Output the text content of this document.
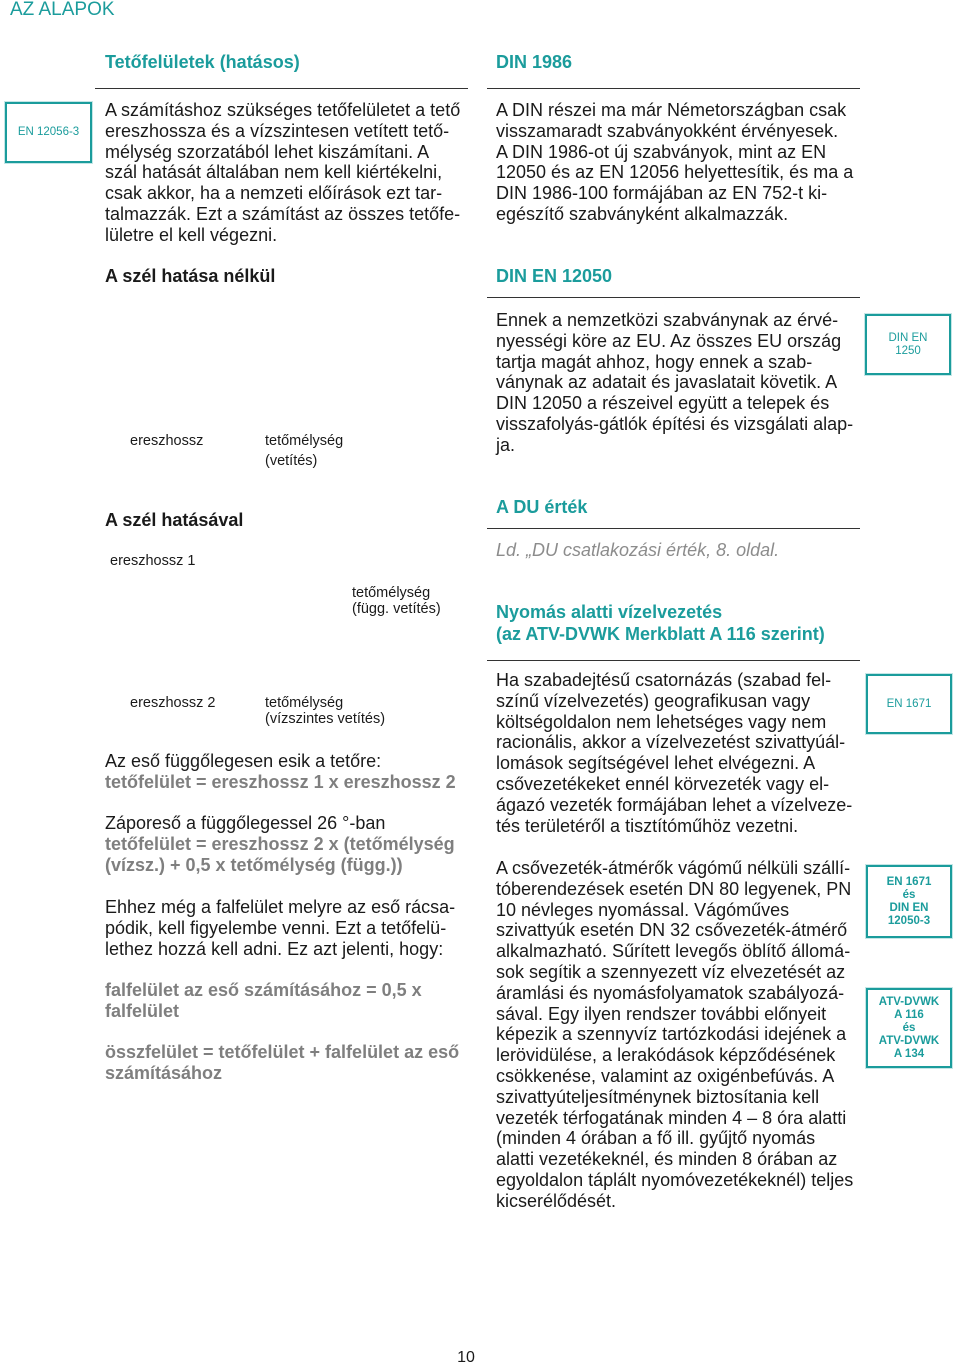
AZ ALAPOK
Tetőfelületek (hatásos)
EN 12056-3
A számításhoz szükséges tetőfelületet a tető
ereszhossza és a vízszintesen vetített tető-
mélység szorzatából lehet kiszámítani. A
szál hatását általában nem kell kiértékelni,
csak akkor, ha a nemzeti előírások ezt tar-
talmazzák. Ezt a számítást az összes tetőfe-
lületre el kell végezni.
A szél hatása nélkül
ereszhossz	tetőmélység
(vetítés)
A szél hatásával
ereszhossz 1
tetőmélység
(függ. vetítés)
ereszhossz 2	tetőmélység
(vízszintes vetítés)
Az eső függőlegesen esik a tetőre:
tetőfelület = ereszhossz 1 x ereszhossz 2
Záporeső a függőlegessel 26 °-ban
tetőfelület = ereszhossz 2 x (tetőmélység
(vízsz.) + 0,5 x tetőmélység (függ.))
Ehhez még a falfelület melyre az eső rácsa-
pódik, kell figyelembe venni. Ezt a tetőfelü-
lethez hozzá kell adni. Ez azt jelenti, hogy:
falfelület az eső számításához = 0,5 x
falfelület
összfelület = tetőfelület + falfelület az eső
számításához
DIN 1986
A DIN részei ma már Németországban csak
visszamaradt szabványokként érvényesek.
A DIN 1986-ot új szabványok, mint az EN
12050 és az EN 12056 helyettesítik, és ma a
DIN 1986-100 formájában az EN 752-t ki-
egészítő szabványként alkalmazzák.
DIN EN 12050
Ennek a nemzetközi szabványnak az érvé-
nyességi köre az EU. Az összes EU ország
tartja magát ahhoz, hogy ennek a szab-
ványnak az adatait és javaslatait követik. A
DIN 12050 a részeivel együtt a telepek és
visszafolyás-gátlók építési és vizsgálati alap-
ja.
DIN EN
1250
A DU érték
Ld. „DU csatlakozási érték, 8. oldal.
Nyomás alatti vízelvezetés
(az ATV-DVWK Merkblatt A 116 szerint)
Ha szabadejtésű csatornázás (szabad fel-
színű vízelvezetés) geografikusan vagy
költségoldalon nem lehetséges vagy nem
racionális, akkor a vízelvezetést szivattyúál-
lomások segítségével lehet elvégezni. A
csővezetékeket ennél körvezeték vagy el-
ágazó vezeték formájában lehet a vízelveze-
tés területéről a tisztítóműhöz vezetni.
EN 1671
A csővezeték-átmérők vágómű nélküli szállí-
tóberendezések esetén DN 80 legyenek, PN
10 névleges nyomással. Vágóműves
szivattyúk esetén DN 32 csővezeték-átmérő
alkalmazható. Sűrített levegős öblítő állomá-
sok segítik a szennyezett víz elvezetését az
áramlási és nyomásfolyamatok szabályozá-
sával. Egy ilyen rendszer további előnyeit
képezik a szennyvíz tartózkodási idejének a
lerövidülése, a lerakódások képződésének
csökkenése, valamint az oxigénbefúvás. A
szivattyúteljesítménynek biztosítania kell
vezeték térfogatának minden 4 – 8 óra alatti
(minden 4 órában a fő ill. gyűjtő nyomás
alatti vezetékeknél, és minden 8 órában az
egyoldalon táplált nyomóvezetékeknél) teljes
kicserélődését.
EN 1671
és
DIN EN
12050-3
ATV-DVWK
A 116
és
ATV-DVWK
A 134
10
